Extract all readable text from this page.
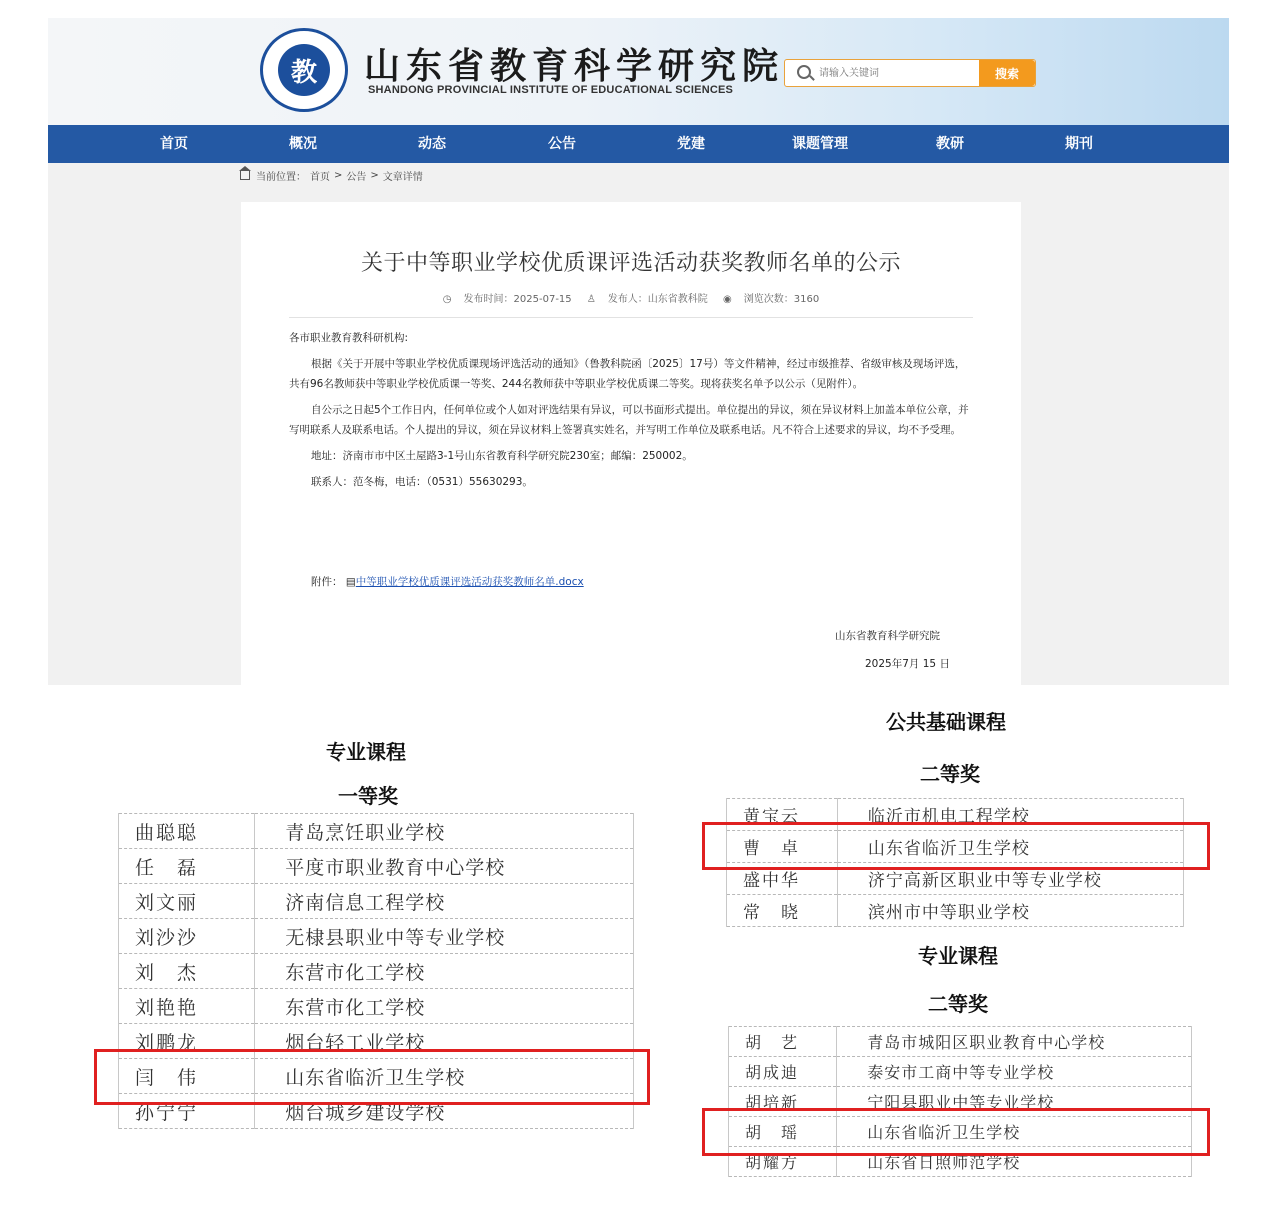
教	山东省教育科学研究院
SHANDONG PROVINCIAL INSTITUTE OF EDUCATIONAL SCIENCES
请输入关键词
搜索
首页	概况	动态	公告	党建	课题管理	教研	期刊
当前位置： 首页 > 公告 > 文章详情
关于中等职业学校优质课评选活动获奖教师名单的公示
◷ 发布时间：2025-07-15 ♙ 发布人：山东省教科院 ◉ 浏览次数：3160

各市职业教育教科研机构:

根据《关于开展中等职业学校优质课现场评选活动的通知》（鲁教科院函〔2025〕17号）等文件精神，经过市级推荐、省级审核及现场评选，共有96名教师获中等职业学校优质课一等奖、244名教师获中等职业学校优质课二等奖。现将获奖名单予以公示（见附件）。

自公示之日起5个工作日内，任何单位或个人如对评选结果有异议，可以书面形式提出。单位提出的异议，须在异议材料上加盖本单位公章，并写明联系人及联系电话。个人提出的异议，须在异议材料上签署真实姓名，并写明工作单位及联系电话。凡不符合上述要求的异议，均不予受理。

地址：济南市市中区土屋路3-1号山东省教育科学研究院230室；邮编：250002。

联系人：范冬梅，电话：（0531）55630293。

附件： ▤中等职业学校优质课评选活动获奖教师名单.docx
山东省教育科学研究院
2025年7月 15 日
专业课程
一等奖
曲聪聪	青岛烹饪职业学校
任　磊	平度市职业教育中心学校
刘文丽	济南信息工程学校
刘沙沙	无棣县职业中等专业学校
刘　杰	东营市化工学校
刘艳艳	东营市化工学校
刘鹏龙	烟台轻工业学校
闫　伟	山东省临沂卫生学校
孙宁宁	烟台城乡建设学校
公共基础课程
二等奖
黄宝云	临沂市机电工程学校
曹　卓	山东省临沂卫生学校
盛中华	济宁高新区职业中等专业学校
常　晓	滨州市中等职业学校
专业课程
二等奖
胡　艺	青岛市城阳区职业教育中心学校
胡成迪	泰安市工商中等专业学校
胡培新	宁阳县职业中等专业学校
胡　瑶	山东省临沂卫生学校
胡耀方	山东省日照师范学校
